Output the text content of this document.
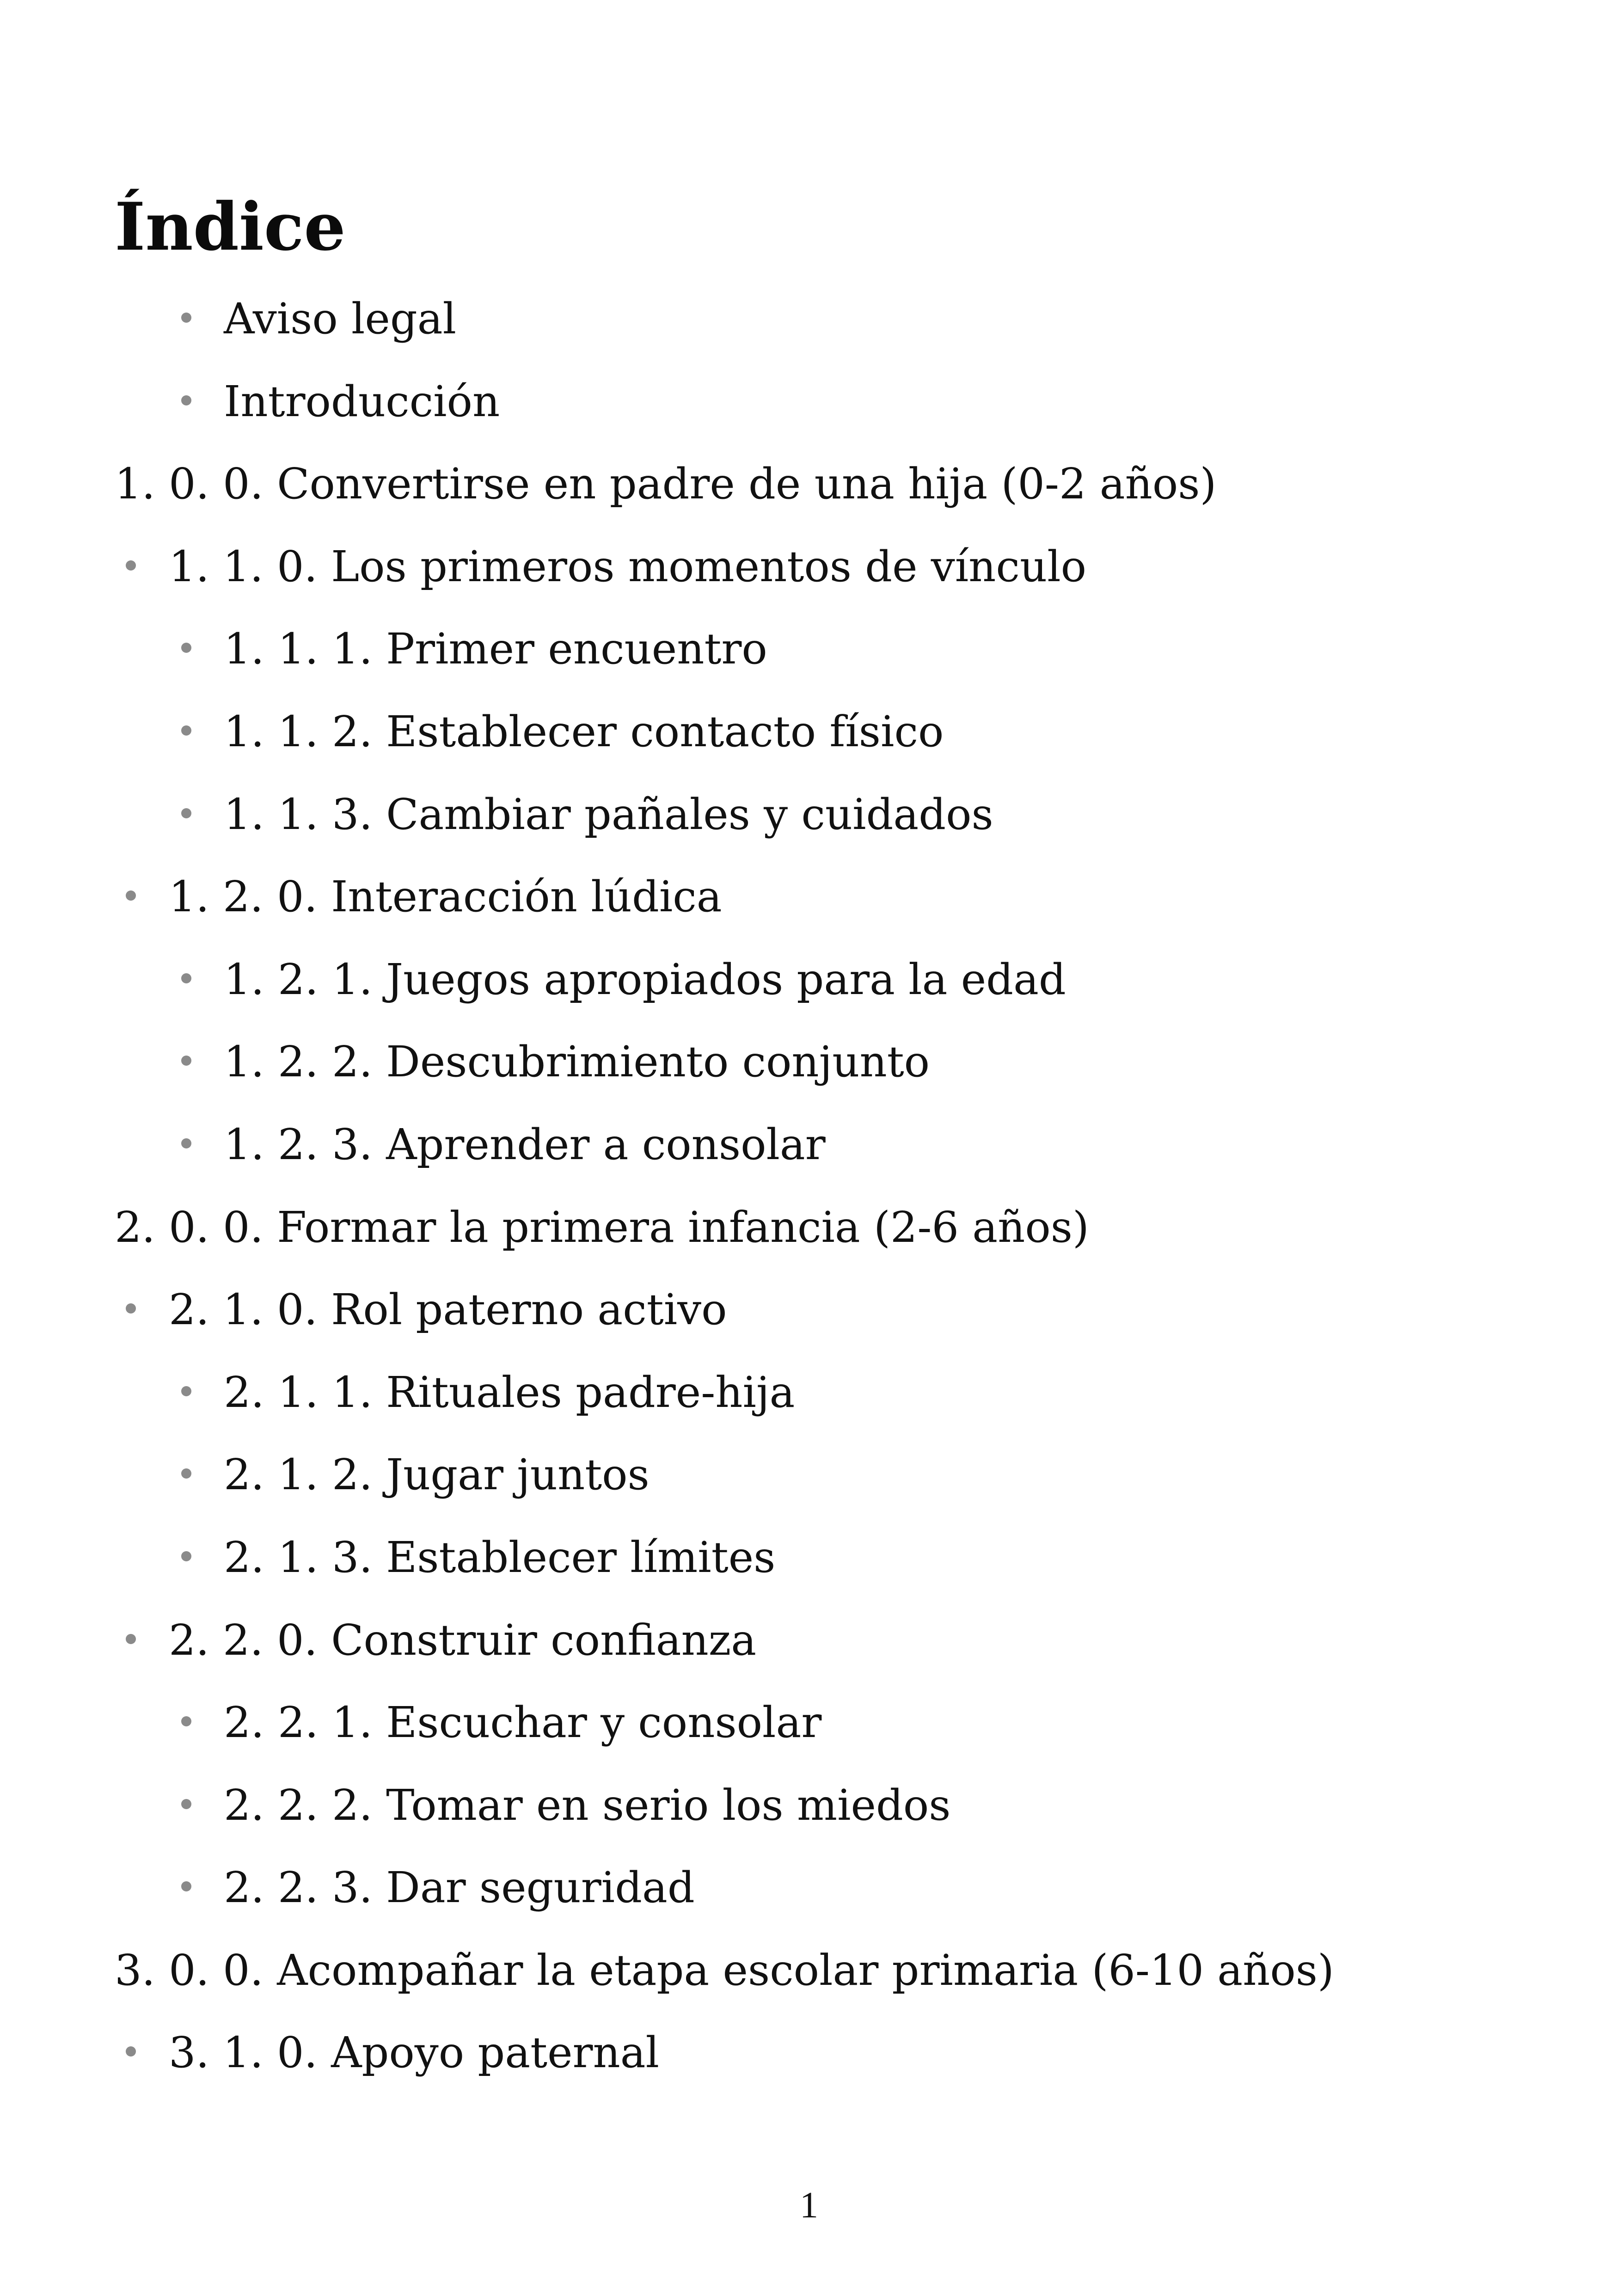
Índice
Aviso legal
Introducción
1. 0. 0. Convertirse en padre de una hija (0-2 años)
1. 1. 0. Los primeros momentos de vínculo
1. 1. 1. Primer encuentro
1. 1. 2. Establecer contacto físico
1. 1. 3. Cambiar pañales y cuidados
1. 2. 0. Interacción lúdica
1. 2. 1. Juegos apropiados para la edad
1. 2. 2. Descubrimiento conjunto
1. 2. 3. Aprender a consolar
2. 0. 0. Formar la primera infancia (2-6 años)
2. 1. 0. Rol paterno activo
2. 1. 1. Rituales padre-hija
2. 1. 2. Jugar juntos
2. 1. 3. Establecer límites
2. 2. 0. Construir confianza
2. 2. 1. Escuchar y consolar
2. 2. 2. Tomar en serio los miedos
2. 2. 3. Dar seguridad
3. 0. 0. Acompañar la etapa escolar primaria (6-10 años)
3. 1. 0. Apoyo paternal
1
